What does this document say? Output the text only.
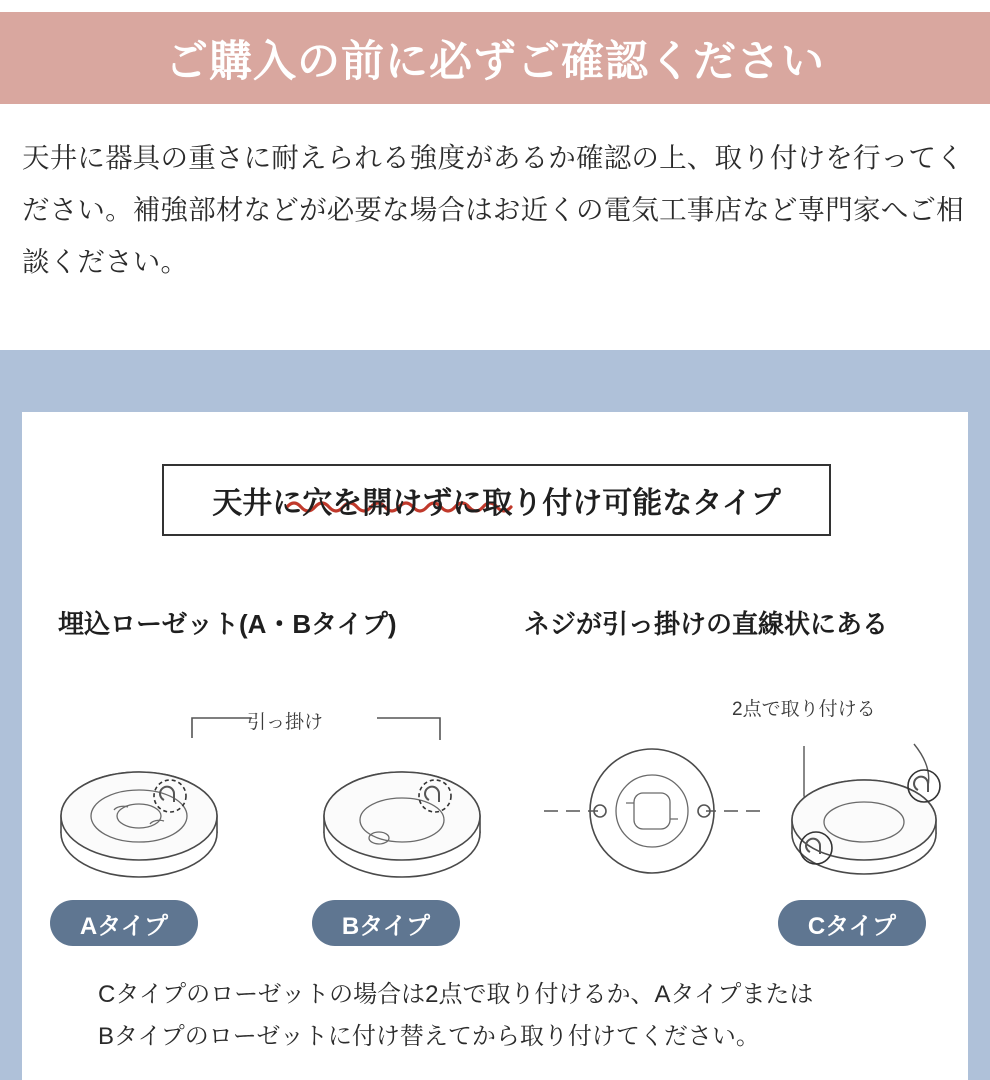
ご購入の前に必ずご確認ください
天井に器具の重さに耐えられる強度があるか確認の上、取り付けを行ってください。補強部材などが必要な場合はお近くの電気工事店など専門家へご相談ください。
天井に穴を開けずに取り付け可能なタイプ
埋込ローゼット(A・Bタイプ)	ネジが引っ掛けの直線状にある
引っ掛け
2点で取り付ける
Aタイプ	Bタイプ	Cタイプ
Cタイプのローゼットの場合は2点で取り付けるか、Aタイプまたは
Bタイプのローゼットに付け替えてから取り付けてください。
